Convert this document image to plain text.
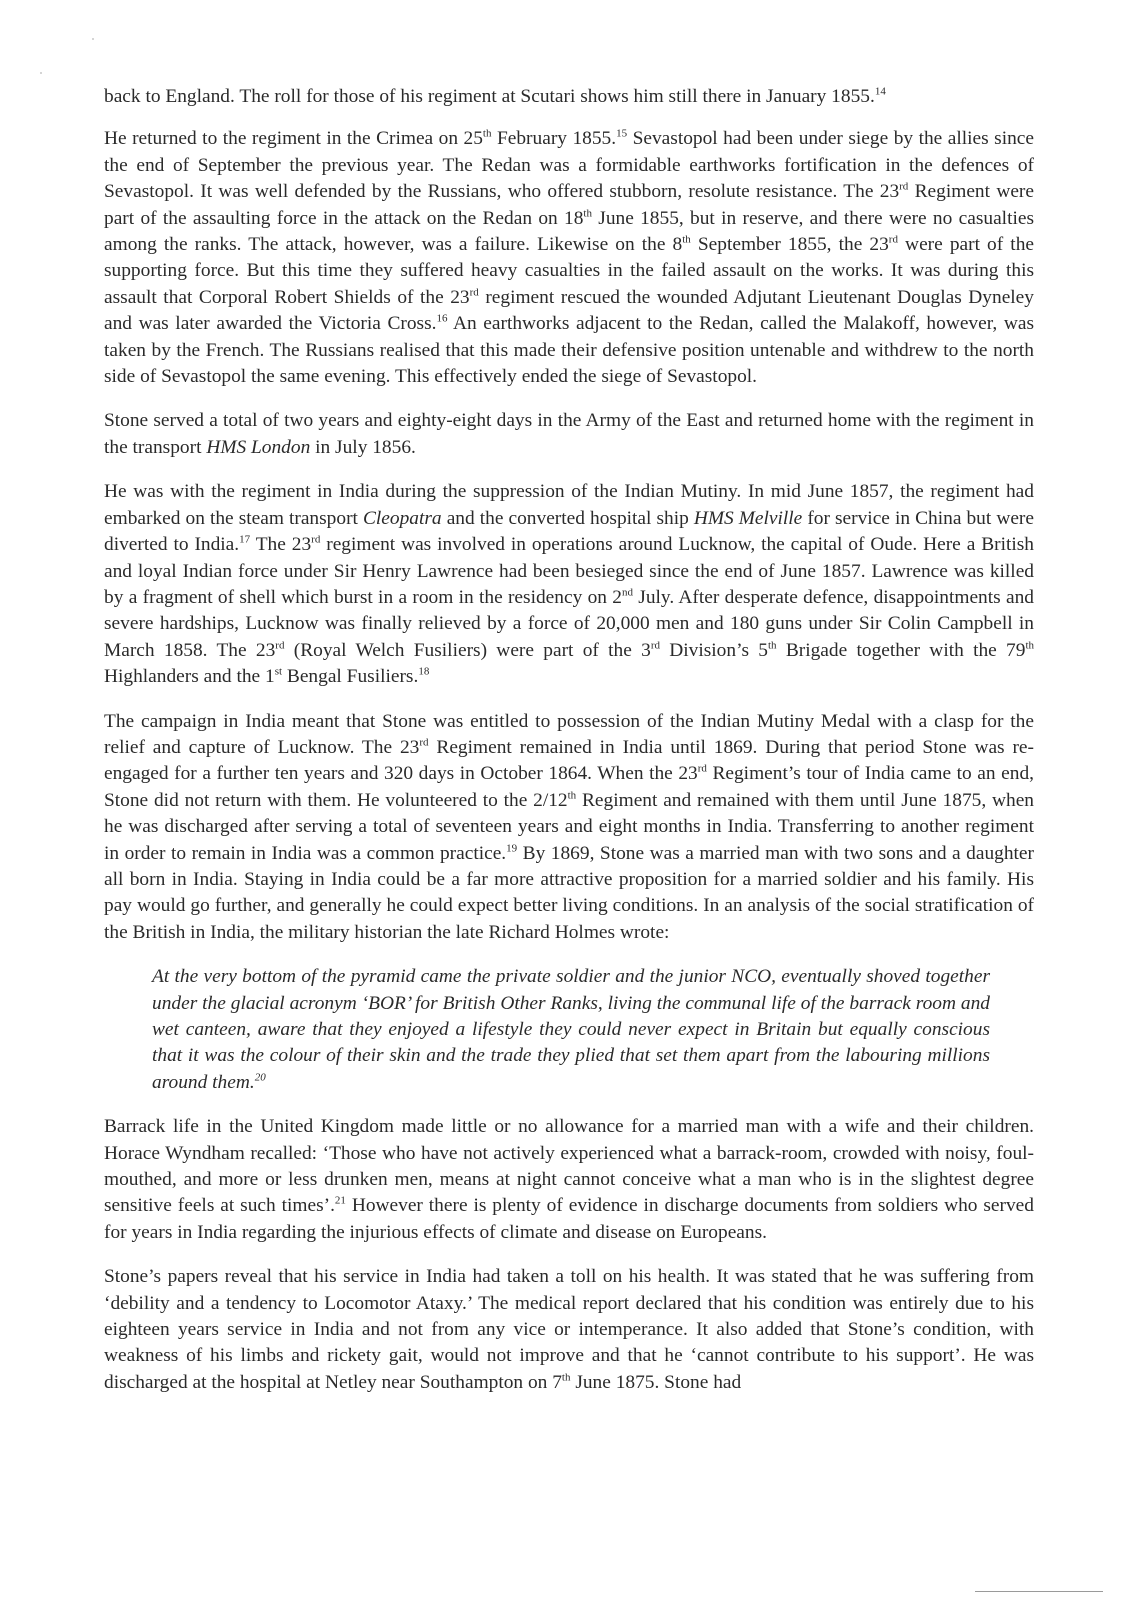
back to England. The roll for those of his regiment at Scutari shows him still there in January 1855.14

He returned to the regiment in the Crimea on 25th February 1855.15 Sevastopol had been under siege by the allies since the end of September the previous year. The Redan was a formidable earthworks fortification in the defences of Sevastopol. It was well defended by the Russians, who offered stubborn, resolute resistance. The 23rd Regiment were part of the assaulting force in the attack on the Redan on 18th June 1855, but in reserve, and there were no casualties among the ranks. The attack, however, was a failure. Likewise on the 8th September 1855, the 23rd were part of the supporting force. But this time they suffered heavy casualties in the failed assault on the works. It was during this assault that Corporal Robert Shields of the 23rd regiment rescued the wounded Adjutant Lieutenant Douglas Dyneley and was later awarded the Victoria Cross.$^{16}$ An earthworks adjacent to the Redan, called the Malakoff, however, was taken by the French. The Russians realised that this made their defensive position untenable and withdrew to the north side of Sevastopol the same evening. This effectively ended the siege of Sevastopol.

Stone served a total of two years and eighty-eight days in the Army of the East and returned home with the regiment in the transport HMS London in July 1856.

He was with the regiment in India during the suppression of the Indian Mutiny. In mid June 1857, the regiment had embarked on the steam transport Cleopatra and the converted hospital ship HMS Melville for service in China but were diverted to India.$^{17}$ The 23rd regiment was involved in operations around Lucknow, the capital of Oude. Here a British and loyal Indian force under Sir Henry Lawrence had been besieged since the end of June 1857. Lawrence was killed by a fragment of shell which burst in a room in the residency on 2nd July. After desperate defence, disappointments and severe hardships, Lucknow was finally relieved by a force of 20,000 men and 180 guns under Sir Colin Campbell in March 1858. The 23rd (Royal Welch Fusiliers) were part of the 3rd Division’s 5th Brigade together with the 79th Highlanders and the 1st Bengal Fusiliers.$^{18}$

The campaign in India meant that Stone was entitled to possession of the Indian Mutiny Medal with a clasp for the relief and capture of Lucknow. The 23rd Regiment remained in India until 1869. During that period Stone was re-engaged for a further ten years and 320 days in October 1864. When the 23rd Regiment’s tour of India came to an end, Stone did not return with them. He volunteered to the 2/12th Regiment and remained with them until June 1875, when he was discharged after serving a total of seventeen years and eight months in India. Transferring to another regiment in order to remain in India was a common practice.$^{19}$ By 1869, Stone was a married man with two sons and a daughter all born in India. Staying in India could be a far more attractive proposition for a married soldier and his family. His pay would go further, and generally he could expect better living conditions. In an analysis of the social stratification of the British in India, the military historian the late Richard Holmes wrote:

At the very bottom of the pyramid came the private soldier and the junior NCO, eventually shoved together under the glacial acronym ‘BOR’ for British Other Ranks, living the communal life of the barrack room and wet canteen, aware that they enjoyed a lifestyle they could never expect in Britain but equally conscious that it was the colour of their skin and the trade they plied that set them apart from the labouring millions around them.$^{20}$

Barrack life in the United Kingdom made little or no allowance for a married man with a wife and their children. Horace Wyndham recalled: ‘Those who have not actively experienced what a barrack-room, crowded with noisy, foul-mouthed, and more or less drunken men, means at night cannot conceive what a man who is in the slightest degree sensitive feels at such times’.$^{21}$ However there is plenty of evidence in discharge documents from soldiers who served for years in India regarding the injurious effects of climate and disease on Europeans.

Stone’s papers reveal that his service in India had taken a toll on his health. It was stated that he was suffering from ‘debility and a tendency to Locomotor Ataxy.’ The medical report declared that his condition was entirely due to his eighteen years service in India and not from any vice or intemperance. It also added that Stone’s condition, with weakness of his limbs and rickety gait, would not improve and that he ‘cannot contribute to his support’. He was discharged at the hospital at Netley near Southampton on 7th June 1875. Stone had
